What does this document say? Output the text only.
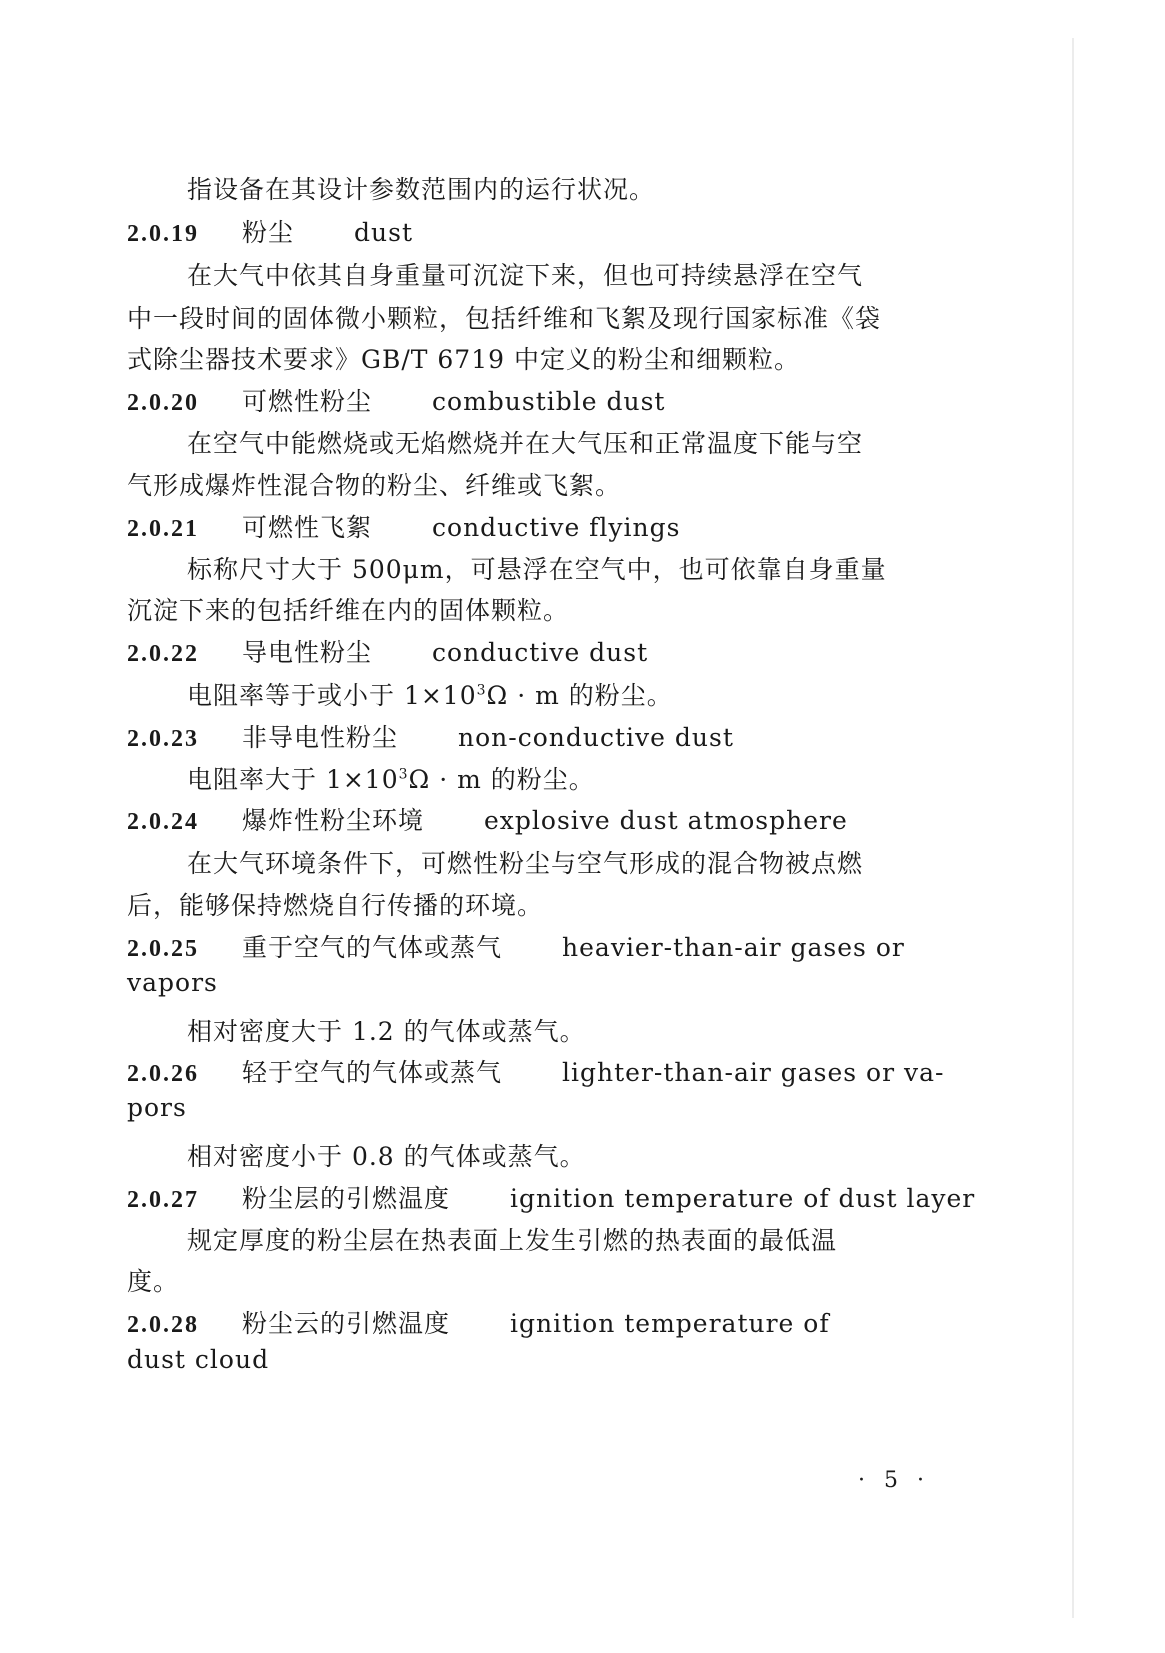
指设备在其设计参数范围内的运行状况。
2.0.19 粉尘 dust
在大气中依其自身重量可沉淀下来，但也可持续悬浮在空气
中一段时间的固体微小颗粒，包括纤维和飞絮及现行国家标准《袋
式除尘器技术要求》GB/T 6719 中定义的粉尘和细颗粒。
2.0.20 可燃性粉尘 combustible dust
在空气中能燃烧或无焰燃烧并在大气压和正常温度下能与空
气形成爆炸性混合物的粉尘、纤维或飞絮。
2.0.21 可燃性飞絮 conductive flyings
标称尺寸大于 500μm，可悬浮在空气中，也可依靠自身重量
沉淀下来的包括纤维在内的固体颗粒。
2.0.22 导电性粉尘 conductive dust
电阻率等于或小于 $1\times 10^3\Omega \cdot m$ 的粉尘。
2.0.23 非导电性粉尘 non-conductive dust
电阻率大于 $1\times 10^3\Omega \cdot m$ 的粉尘。
2.0.24 爆炸性粉尘环境 explosive dust atmosphere
在大气环境条件下，可燃性粉尘与空气形成的混合物被点燃
后，能够保持燃烧自行传播的环境。
2.0.25 重于空气的气体或蒸气 heavier-than-air gases or
vapors
相对密度大于 1.2 的气体或蒸气。
2.0.26 轻于空气的气体或蒸气 lighter-than-air gases or va-
pors
相对密度小于 0.8 的气体或蒸气。
2.0.27 粉尘层的引燃温度 ignition temperature of dust layer
规定厚度的粉尘层在热表面上发生引燃的热表面的最低温
度。
2.0.28 粉尘云的引燃温度 ignition temperature of
dust cloud
· 5 ·
